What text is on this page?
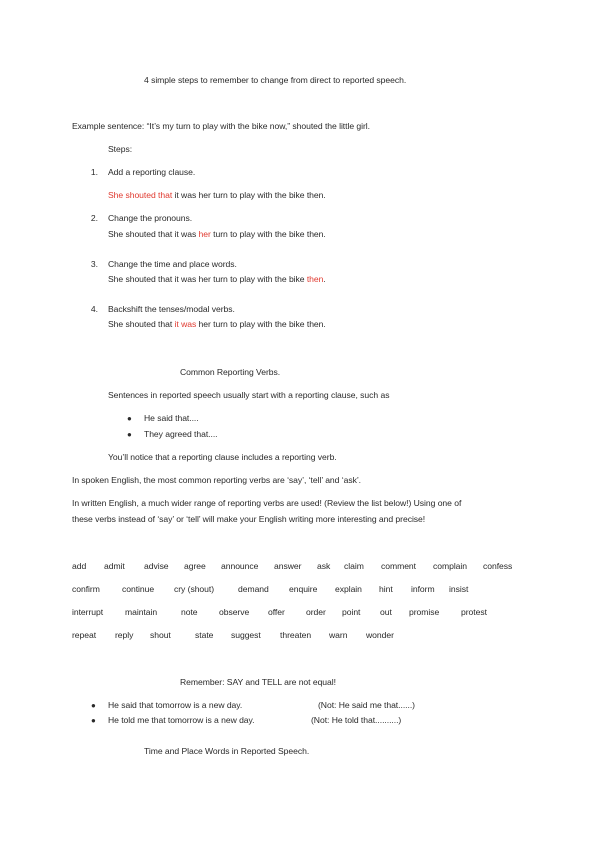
4 simple steps to remember to change from direct to reported speech.
Example sentence: “It’s my turn to play with the bike now,” shouted the little girl.
Steps:
1. Add a reporting clause.
She shouted that it was her turn to play with the bike then.
2. Change the pronouns.
She shouted that it was her turn to play with the bike then.
3. Change the time and place words.
She shouted that it was her turn to play with the bike then.
4. Backshift the tenses/modal verbs.
She shouted that it was her turn to play with the bike then.
Common Reporting Verbs.
Sentences in reported speech usually start with a reporting clause, such as
● He said that....
● They agreed that....
You’ll notice that a reporting clause includes a reporting verb.
In spoken English, the most common reporting verbs are ‘say’, ‘tell’ and ‘ask’.
In written English, a much wider range of reporting verbs are used! (Review the list below!) Using one of
these verbs instead of ‘say’ or ‘tell’ will make your English writing more interesting and precise!
add admit advise agree announce answer ask claim comment complain confess
confirm	continue cry (shout)	demand enquire explain hint inform insist
interrupt	maintain	note observe offer order point out promise	protest
repeat reply shout	state suggest threaten warn wonder
Remember: SAY and TELL are not equal!
● He said that tomorrow is a new day.	(Not: He said me that......)
● He told me that tomorrow is a new day.	(Not: He told that..........)
Time and Place Words in Reported Speech.
